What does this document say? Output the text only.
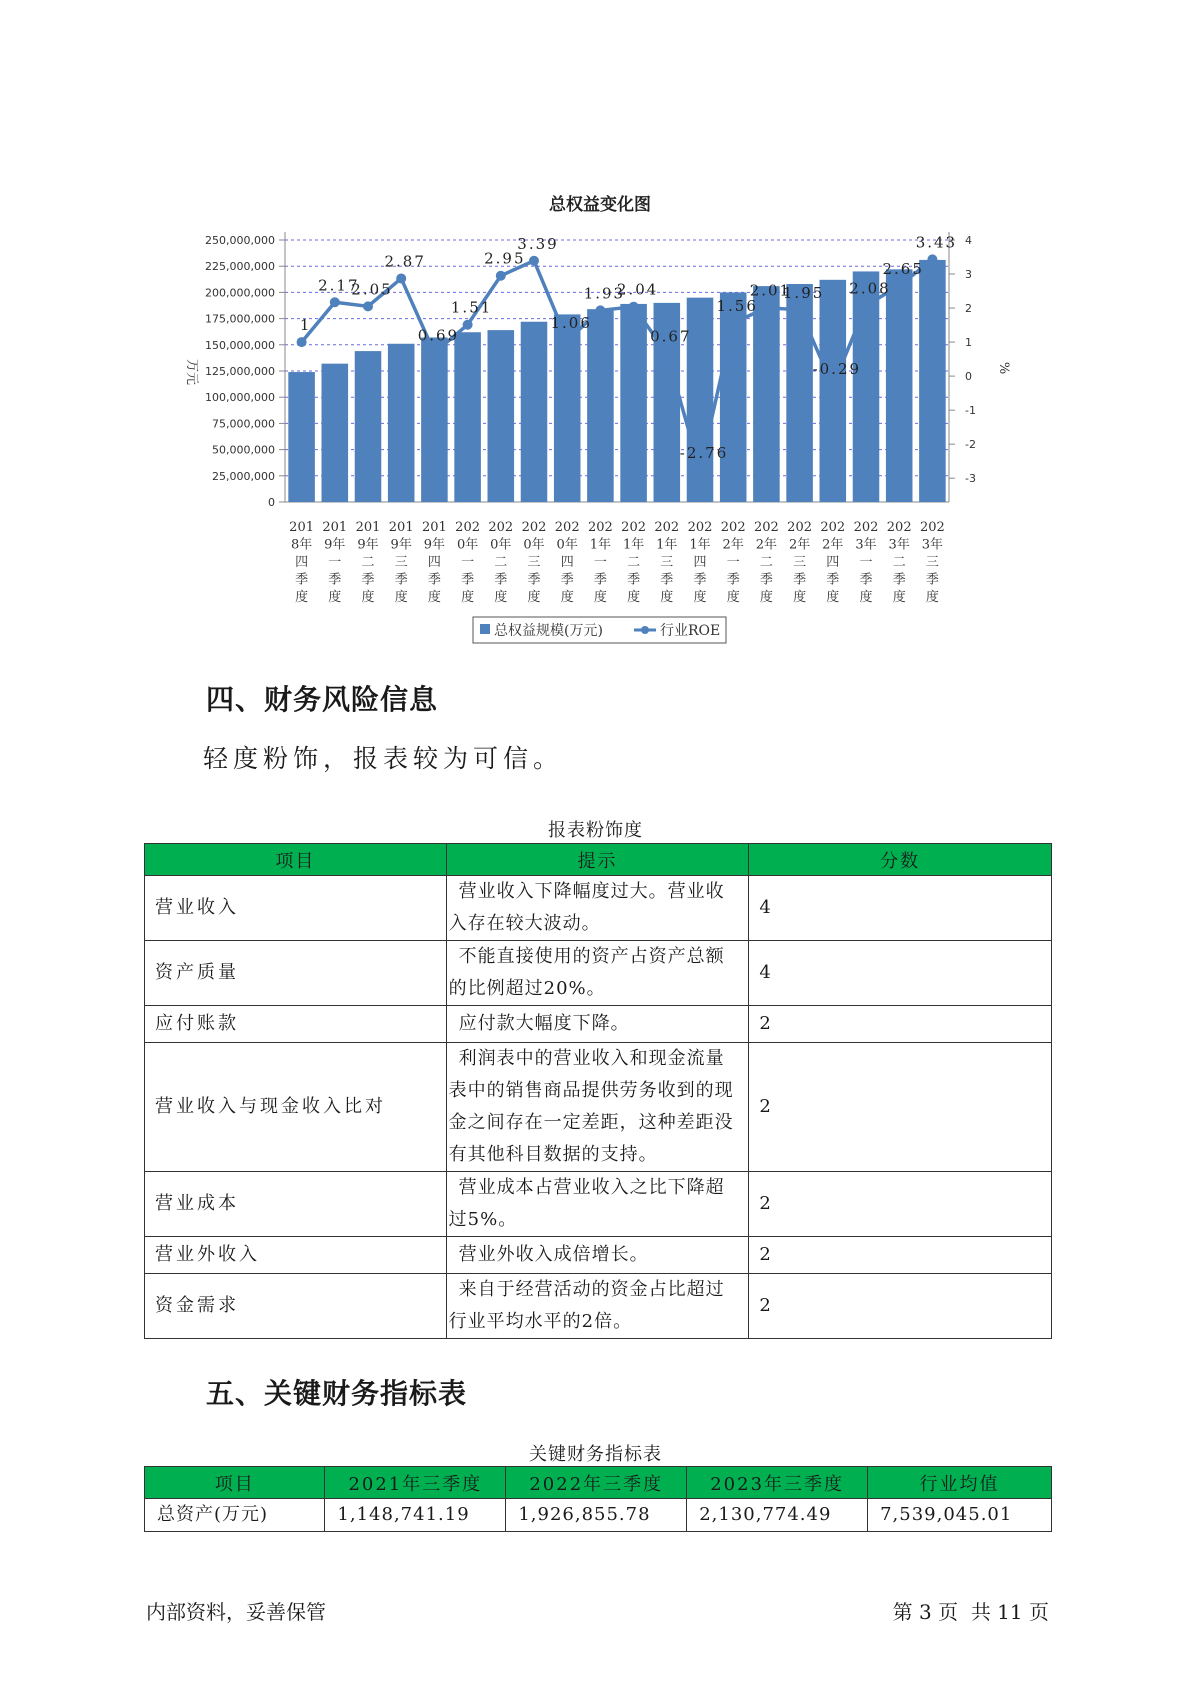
总权益变化图
0
25,000,000
50,000,000
75,000,000
100,000,000
125,000,000
150,000,000
175,000,000
200,000,000
225,000,000
250,000,000
-3
-2
-1
0
1
2
3
4
万元	%
1
2.17
2.05
2.87
0.69
1.51
2.95
3.39
1.06
1.93
2.04
0.67
-2.76
1.56
2.01
1.95
-0.29
2.08
2.65
3.43
201
8年
四
季
度
201
9年
一
季
度
201
9年
二
季
度
201
9年
三
季
度
201
9年
四
季
度
202
0年
一
季
度
202
0年
二
季
度
202
0年
三
季
度
202
0年
四
季
度
202
1年
一
季
度
202
1年
二
季
度
202
1年
三
季
度
202
1年
四
季
度
202
2年
一
季
度
202
2年
二
季
度
202
2年
三
季
度
202
2年
四
季
度
202
3年
一
季
度
202
3年
二
季
度
202
3年
三
季
度
总权益规模(万元)	行业ROE
四、财务风险信息
轻度粉饰，报表较为可信。
报表粉饰度
项目	提示	分数
营业收入	营业收入下降幅度过大。营业收入存在较大波动。	4
资产质量	不能直接使用的资产占资产总额的比例超过20%。	4
应付账款	应付款大幅度下降。	2
营业收入与现金收入比对	利润表中的营业收入和现金流量表中的销售商品提供劳务收到的现金之间存在一定差距，这种差距没有其他科目数据的支持。	2
营业成本	营业成本占营业收入之比下降超过5%。	2
营业外收入	营业外收入成倍增长。	2
资金需求	来自于经营活动的资金占比超过行业平均水平的2倍。	2
五、关键财务指标表
关键财务指标表
项目	2021年三季度	2022年三季度	2023年三季度	行业均值
总资产(万元)	1,148,741.19	1,926,855.78	2,130,774.49	7,539,045.01
内部资料，妥善保管	第 3 页  共 11 页
